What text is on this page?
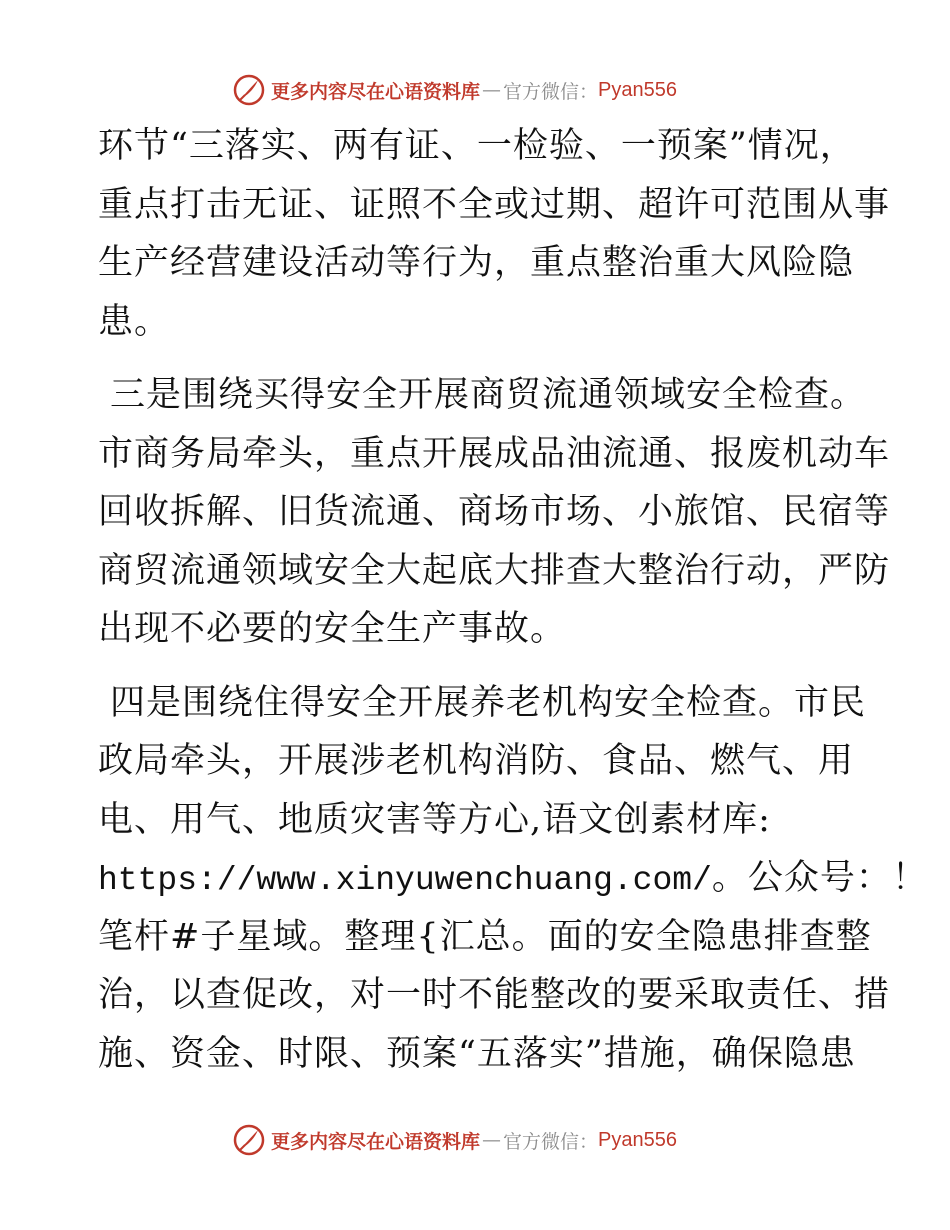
更多内容尽在心语资料库 — 官方微信： Pyan556
环节“三落实、两有证、一检验、一预案”情况，
重点打击无证、证照不全或过期、超许可范围从事
生产经营建设活动等行为，重点整治重大风险隐
患。
三是围绕买得安全开展商贸流通领域安全检查。
市商务局牵头，重点开展成品油流通、报废机动车
回收拆解、旧货流通、商场市场、小旅馆、民宿等
商贸流通领域安全大起底大排查大整治行动，严防
出现不必要的安全生产事故。
四是围绕住得安全开展养老机构安全检查。市民
政局牵头，开展涉老机构消防、食品、燃气、用
电、用气、地质灾害等方心,语文创素材库:
https://www.xinyuwenchuang.com/。公众号：！
笔杆#子星域。整理{汇总。面的安全隐患排查整
治，以查促改，对一时不能整改的要采取责任、措
施、资金、时限、预案“五落实”措施，确保隐患
更多内容尽在心语资料库 — 官方微信： Pyan556
